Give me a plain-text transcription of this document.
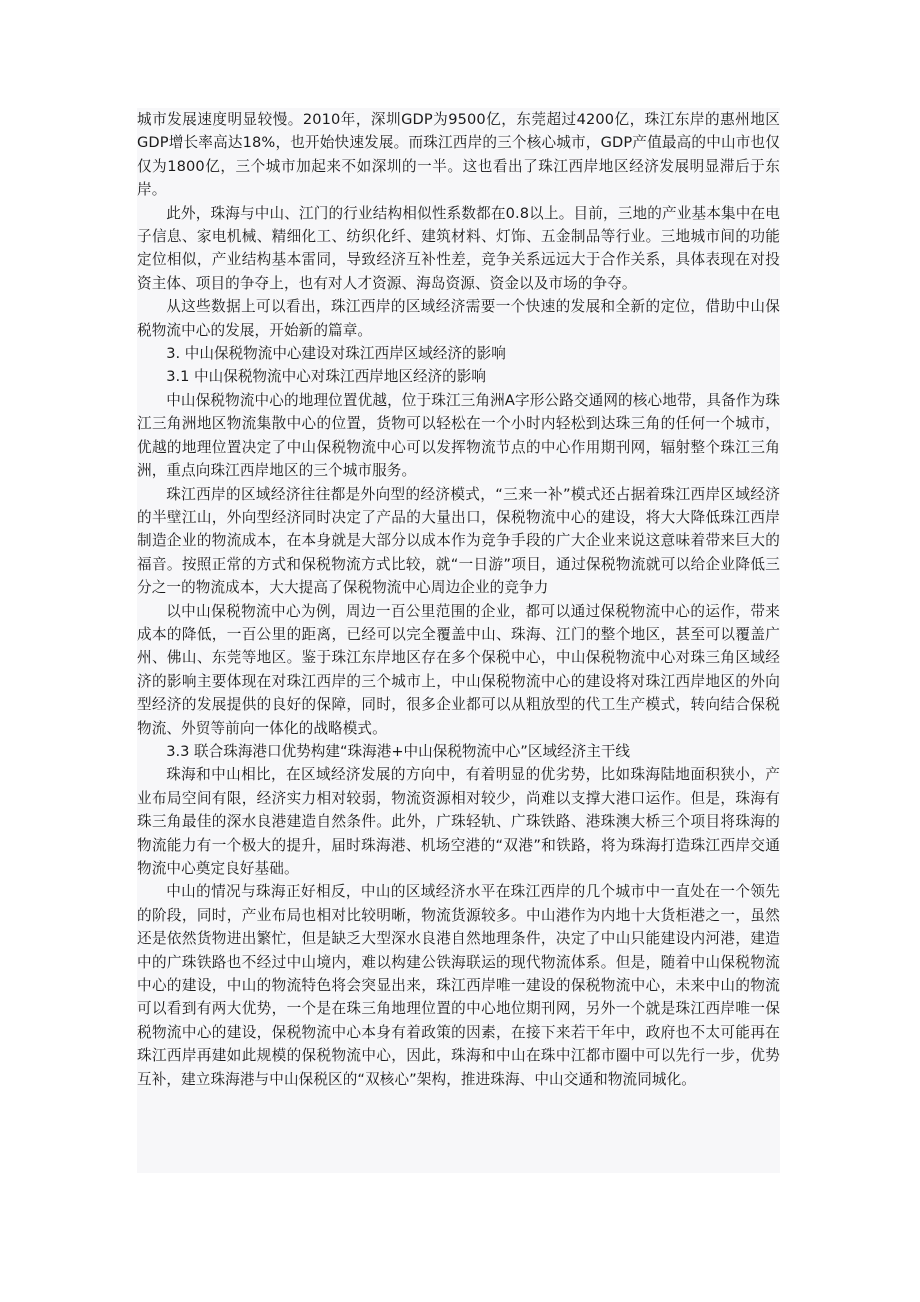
城市发展速度明显较慢。2010年，深圳GDP为9500亿，东莞超过4200亿，珠江东岸的惠州地区GDP增长率高达18%，也开始快速发展。而珠江西岸的三个核心城市，GDP产值最高的中山市也仅仅为1800亿，三个城市加起来不如深圳的一半。这也看出了珠江西岸地区经济发展明显滞后于东岸。

此外，珠海与中山、江门的行业结构相似性系数都在0.8以上。目前，三地的产业基本集中在电子信息、家电机械、精细化工、纺织化纤、建筑材料、灯饰、五金制品等行业。三地城市间的功能定位相似，产业结构基本雷同，导致经济互补性差，竞争关系远远大于合作关系，具体表现在对投资主体、项目的争夺上，也有对人才资源、海岛资源、资金以及市场的争夺。

从这些数据上可以看出，珠江西岸的区域经济需要一个快速的发展和全新的定位，借助中山保税物流中心的发展，开始新的篇章。

3. 中山保税物流中心建设对珠江西岸区域经济的影响

3.1 中山保税物流中心对珠江西岸地区经济的影响

中山保税物流中心的地理位置优越，位于珠江三角洲A字形公路交通网的核心地带，具备作为珠江三角洲地区物流集散中心的位置，货物可以轻松在一个小时内轻松到达珠三角的任何一个城市，优越的地理位置决定了中山保税物流中心可以发挥物流节点的中心作用期刊网，辐射整个珠江三角洲，重点向珠江西岸地区的三个城市服务。

珠江西岸的区域经济往往都是外向型的经济模式，“三来一补”模式还占据着珠江西岸区域经济的半壁江山，外向型经济同时决定了产品的大量出口，保税物流中心的建设，将大大降低珠江西岸制造企业的物流成本，在本身就是大部分以成本作为竞争手段的广大企业来说这意味着带来巨大的福音。按照正常的方式和保税物流方式比较，就“一日游”项目，通过保税物流就可以给企业降低三分之一的物流成本，大大提高了保税物流中心周边企业的竞争力

以中山保税物流中心为例，周边一百公里范围的企业，都可以通过保税物流中心的运作，带来成本的降低，一百公里的距离，已经可以完全覆盖中山、珠海、江门的整个地区，甚至可以覆盖广州、佛山、东莞等地区。鉴于珠江东岸地区存在多个保税中心，中山保税物流中心对珠三角区域经济的影响主要体现在对珠江西岸的三个城市上，中山保税物流中心的建设将对珠江西岸地区的外向型经济的发展提供的良好的保障，同时，很多企业都可以从粗放型的代工生产模式，转向结合保税物流、外贸等前向一体化的战略模式。

3.3 联合珠海港口优势构建“珠海港+中山保税物流中心”区域经济主干线

珠海和中山相比，在区域经济发展的方向中，有着明显的优劣势，比如珠海陆地面积狭小，产业布局空间有限，经济实力相对较弱，物流资源相对较少，尚难以支撑大港口运作。但是，珠海有珠三角最佳的深水良港建造自然条件。此外，广珠轻轨、广珠铁路、港珠澳大桥三个项目将珠海的物流能力有一个极大的提升，届时珠海港、机场空港的“双港”和铁路，将为珠海打造珠江西岸交通物流中心奠定良好基础。

中山的情况与珠海正好相反，中山的区域经济水平在珠江西岸的几个城市中一直处在一个领先的阶段，同时，产业布局也相对比较明晰，物流货源较多。中山港作为内地十大货柜港之一，虽然还是依然货物进出繁忙，但是缺乏大型深水良港自然地理条件，决定了中山只能建设内河港，建造中的广珠铁路也不经过中山境内，难以构建公铁海联运的现代物流体系。但是，随着中山保税物流中心的建设，中山的物流特色将会突显出来，珠江西岸唯一建设的保税物流中心，未来中山的物流可以看到有两大优势，一个是在珠三角地理位置的中心地位期刊网，另外一个就是珠江西岸唯一保税物流中心的建设，保税物流中心本身有着政策的因素，在接下来若干年中，政府也不太可能再在珠江西岸再建如此规模的保税物流中心，因此，珠海和中山在珠中江都市圈中可以先行一步，优势互补，建立珠海港与中山保税区的“双核心”架构，推进珠海、中山交通和物流同城化。
